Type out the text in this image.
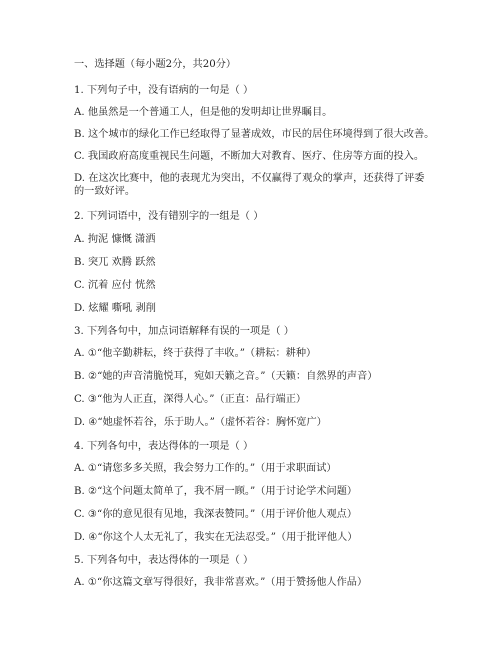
一、选择题（每小题2分，共20分）
1. 下列句子中，没有语病的一句是（ ）
A. 他虽然是一个普通工人，但是他的发明却让世界瞩目。
B. 这个城市的绿化工作已经取得了显著成效，市民的居住环境得到了很大改善。
C. 我国政府高度重视民生问题，不断加大对教育、医疗、住房等方面的投入。
D. 在这次比赛中，他的表现尤为突出，不仅赢得了观众的掌声，还获得了评委的一致好评。
2. 下列词语中，没有错别字的一组是（ ）
A. 拘泥 慷慨 潇洒
B. 突兀 欢腾 跃然
C. 沉着 应付 恍然
D. 炫耀 嘶吼 剥削
3. 下列各句中，加点词语解释有误的一项是（ ）
A. ①“他辛勤耕耘，终于获得了丰收。”（耕耘：耕种）
B. ②“她的声音清脆悦耳，宛如天籁之音。”（天籁：自然界的声音）
C. ③“他为人正直，深得人心。”（正直：品行端正）
D. ④“她虚怀若谷，乐于助人。”（虚怀若谷：胸怀宽广）
4. 下列各句中，表达得体的一项是（ ）
A. ①“请您多多关照，我会努力工作的。”（用于求职面试）
B. ②“这个问题太简单了，我不屑一顾。”（用于讨论学术问题）
C. ③“你的意见很有见地，我深表赞同。”（用于评价他人观点）
D. ④“你这个人太无礼了，我实在无法忍受。”（用于批评他人）
5. 下列各句中，表达得体的一项是（ ）
A. ①“你这篇文章写得很好，我非常喜欢。”（用于赞扬他人作品）
